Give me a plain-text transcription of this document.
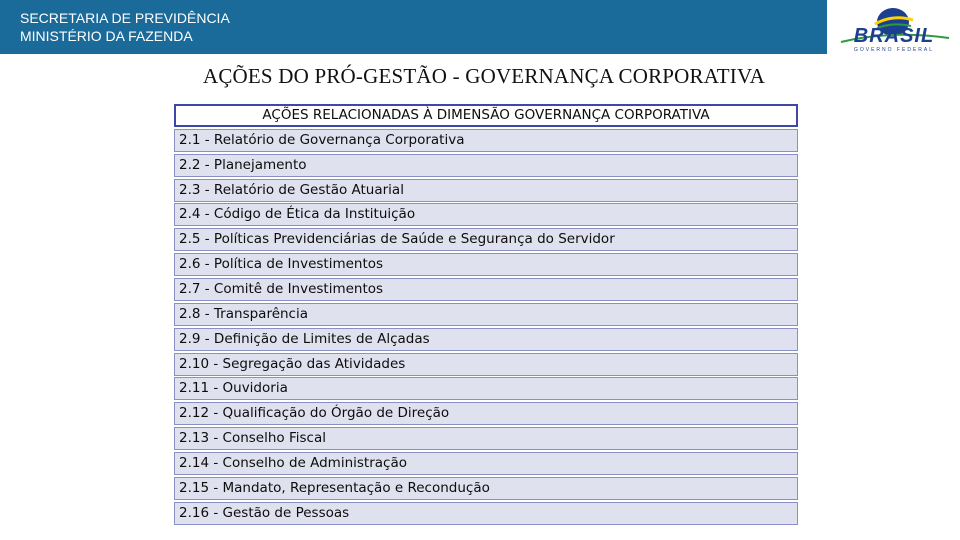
SECRETARIA DE PREVIDÊNCIA
MINISTÉRIO DA FAZENDA	BRASIL
GOVERNO FEDERAL
AÇÕES DO PRÓ-GESTÃO - GOVERNANÇA CORPORATIVA
AÇÕES RELACIONADAS À DIMENSÃO GOVERNANÇA CORPORATIVA
2.1 - Relatório de Governança Corporativa
2.2 - Planejamento
2.3 - Relatório de Gestão Atuarial
2.4 - Código de Ética da Instituição
2.5 - Políticas Previdenciárias de Saúde e Segurança do Servidor
2.6 - Política de Investimentos
2.7 - Comitê de Investimentos
2.8 - Transparência
2.9 - Definição de Limites de Alçadas
2.10 - Segregação das Atividades
2.11 - Ouvidoria
2.12 - Qualificação do Órgão de Direção
2.13 - Conselho Fiscal
2.14 - Conselho de Administração
2.15 - Mandato, Representação e Recondução
2.16 - Gestão de Pessoas
